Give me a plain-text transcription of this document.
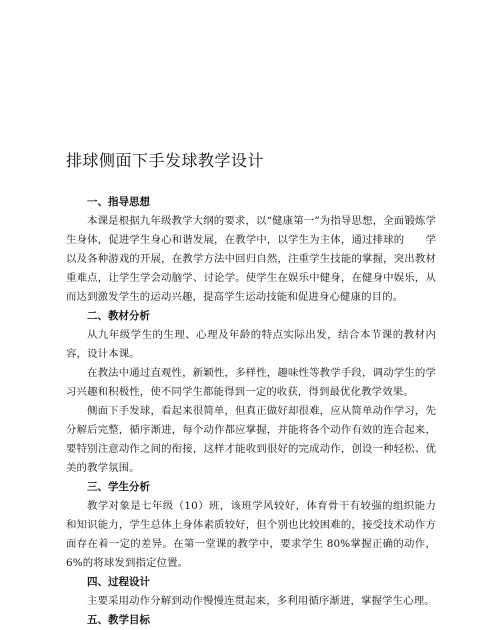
排球侧面下手发球教学设计
一、指导思想

本课是根据九年级教学大纲的要求，以“健康第一”为指导思想，全面锻炼学生身体，促进学生身心和谐发展，在教学中，以学生为主体，通过排球的　　学以及各种游戏的开展，在教学方法中回归自然，注重学生技能的掌握，突出教材重难点，让学生学会动脑学、讨论学。使学生在娱乐中健身，在健身中娱乐，从而达到激发学生的运动兴趣，提高学生运动技能和促进身心健康的目的。

二、教材分析

从九年级学生的生理、心理及年龄的特点实际出发，结合本节课的教材内容，设计本课。

在教法中通过直观性，新颖性，多样性，趣味性等教学手段，调动学生的学习兴趣和积极性，使不同学生都能得到一定的收获，得到最优化教学效果。

侧面下手发球，看起来很简单，但真正做好却很难，应从简单动作学习，先分解后完整，循序渐进，每个动作都应掌握，并能将各个动作有效的连合起来，要特别注意动作之间的衔接，这样才能收到很好的完成动作，创设一种轻松、优美的教学氛围。

三、学生分析

教学对象是七年级（10）班，该班学风较好，体育骨干有较强的组织能力和知识能力，学生总体上身体素质较好，但个别也比较困难的，接受技术动作方面存在着一定的差异。在第一堂课的教学中，要求学生 80%掌握正确的动作，6%的将球发到指定位置。

四、过程设计

主要采用动作分解到动作慢慢连贯起来，多利用循序渐进，掌握学生心理。

五、教学目标
